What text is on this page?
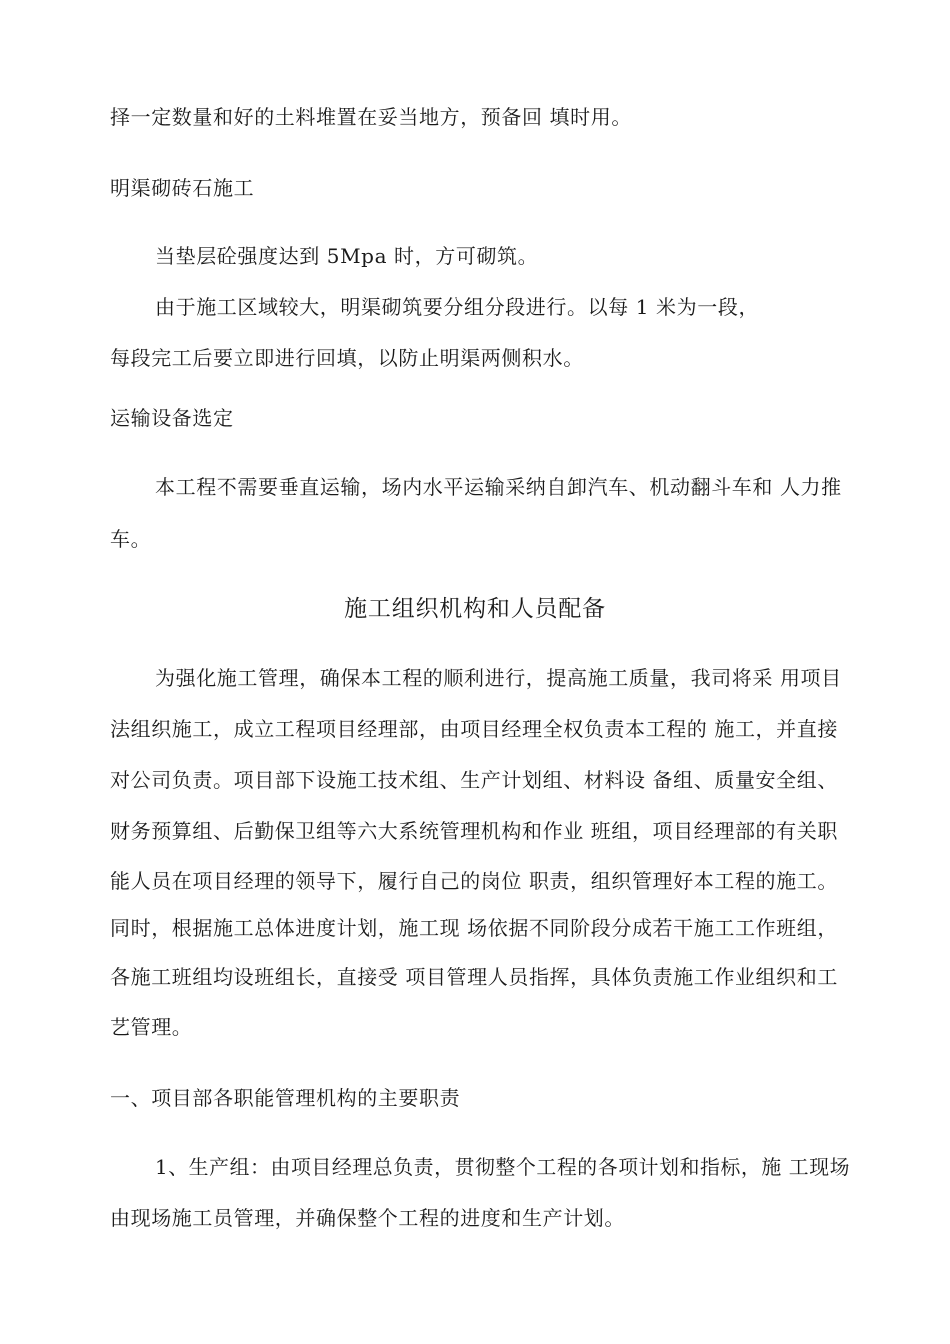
择一定数量和好的土料堆置在妥当地方，预备回 填时用。
明渠砌砖石施工
当垫层砼强度达到 5Mpa 时，方可砌筑。
由于施工区域较大，明渠砌筑要分组分段进行。以每 1 米为一段，
每段完工后要立即进行回填，以防止明渠两侧积水。
运输设备选定
本工程不需要垂直运输，场内水平运输采纳自卸汽车、机动翻斗车和 人力推
车。
施工组织机构和人员配备
为强化施工管理，确保本工程的顺利进行，提高施工质量，我司将采 用项目
法组织施工，成立工程项目经理部，由项目经理全权负责本工程的 施工，并直接
对公司负责。项目部下设施工技术组、生产计划组、材料设 备组、质量安全组、
财务预算组、后勤保卫组等六大系统管理机构和作业 班组，项目经理部的有关职
能人员在项目经理的领导下，履行自己的岗位 职责，组织管理好本工程的施工。
同时，根据施工总体进度计划，施工现 场依据不同阶段分成若干施工工作班组，
各施工班组均设班组长，直接受 项目管理人员指挥，具体负责施工作业组织和工
艺管理。
一、项目部各职能管理机构的主要职责
1、生产组：由项目经理总负责，贯彻整个工程的各项计划和指标，施 工现场
由现场施工员管理，并确保整个工程的进度和生产计划。
